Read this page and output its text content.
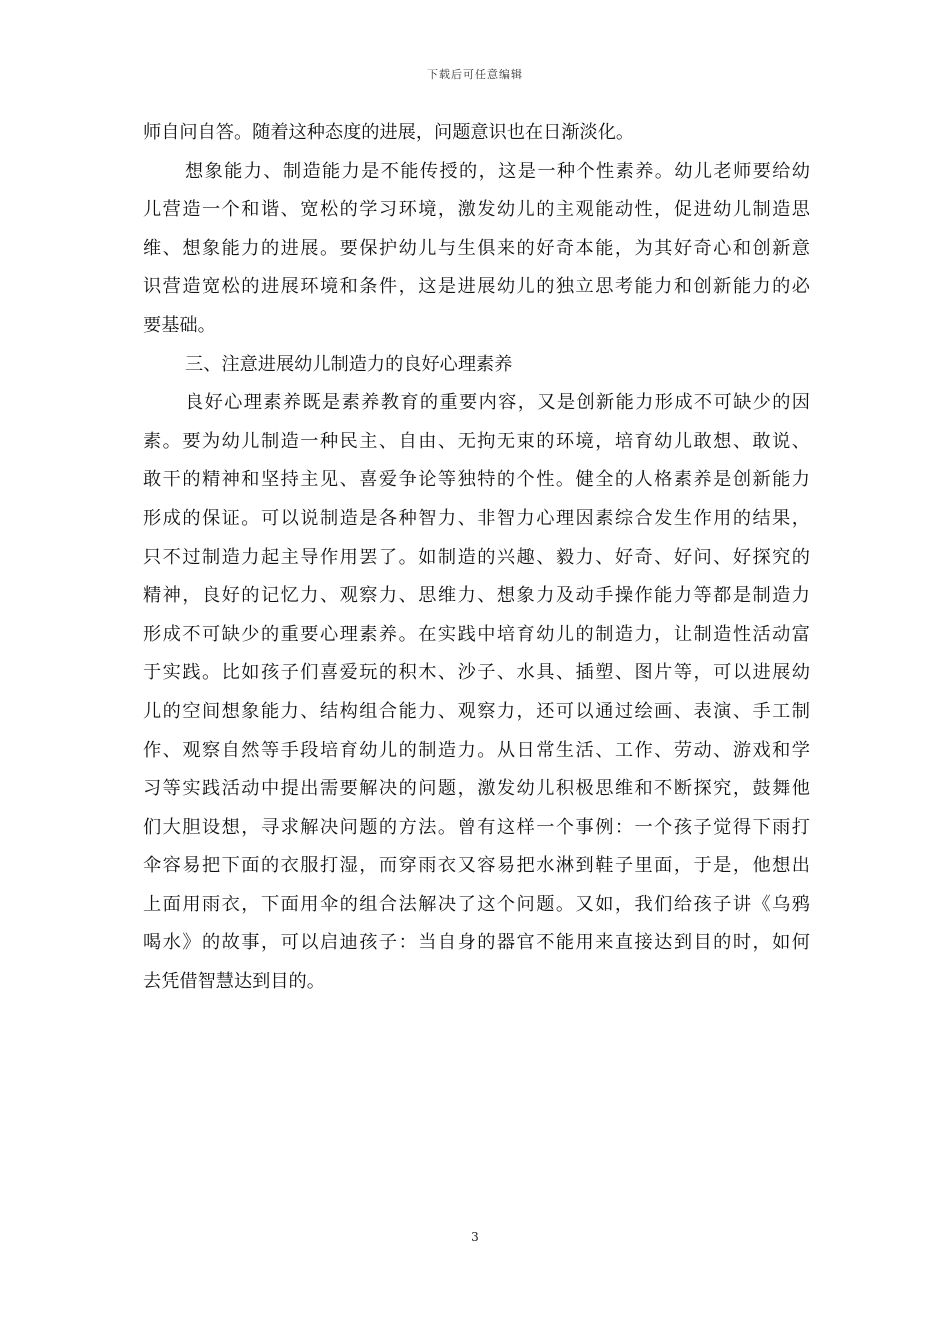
下载后可任意编辑
师自问自答。随着这种态度的进展，问题意识也在日渐淡化。
想象能力、制造能力是不能传授的，这是一种个性素养。幼儿老师要给幼
儿营造一个和谐、宽松的学习环境，激发幼儿的主观能动性，促进幼儿制造思
维、想象能力的进展。要保护幼儿与生俱来的好奇本能，为其好奇心和创新意
识营造宽松的进展环境和条件，这是进展幼儿的独立思考能力和创新能力的必
要基础。
三、注意进展幼儿制造力的良好心理素养
良好心理素养既是素养教育的重要内容，又是创新能力形成不可缺少的因
素。要为幼儿制造一种民主、自由、无拘无束的环境，培育幼儿敢想、敢说、
敢干的精神和坚持主见、喜爱争论等独特的个性。健全的人格素养是创新能力
形成的保证。可以说制造是各种智力、非智力心理因素综合发生作用的结果，
只不过制造力起主导作用罢了。如制造的兴趣、毅力、好奇、好问、好探究的
精神，良好的记忆力、观察力、思维力、想象力及动手操作能力等都是制造力
形成不可缺少的重要心理素养。在实践中培育幼儿的制造力，让制造性活动富
于实践。比如孩子们喜爱玩的积木、沙子、水具、插塑、图片等，可以进展幼
儿的空间想象能力、结构组合能力、观察力，还可以通过绘画、表演、手工制
作、观察自然等手段培育幼儿的制造力。从日常生活、工作、劳动、游戏和学
习等实践活动中提出需要解决的问题，激发幼儿积极思维和不断探究，鼓舞他
们大胆设想，寻求解决问题的方法。曾有这样一个事例：一个孩子觉得下雨打
伞容易把下面的衣服打湿，而穿雨衣又容易把水淋到鞋子里面，于是，他想出
上面用雨衣，下面用伞的组合法解决了这个问题。又如，我们给孩子讲《乌鸦
喝水》的故事，可以启迪孩子：当自身的器官不能用来直接达到目的时，如何
去凭借智慧达到目的。
3
